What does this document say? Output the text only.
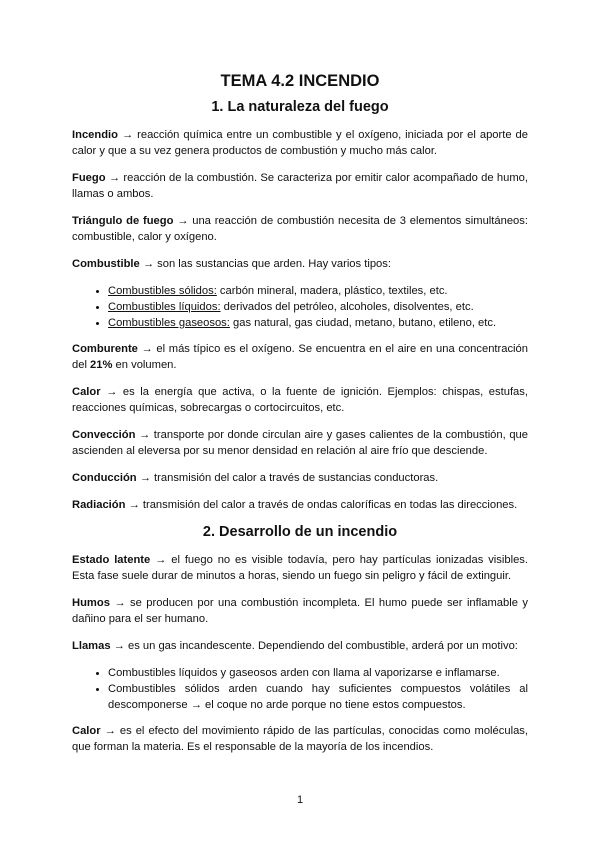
TEMA 4.2 INCENDIO
1. La naturaleza del fuego

Incendio → reacción química entre un combustible y el oxígeno, iniciada por el aporte de calor y que a su vez genera productos de combustión y mucho más calor.

Fuego → reacción de la combustión. Se caracteriza por emitir calor acompañado de humo, llamas o ambos.

Triángulo de fuego → una reacción de combustión necesita de 3 elementos simultáneos: combustible, calor y oxígeno.

Combustible → son las sustancias que arden. Hay varios tipos:

• Combustibles sólidos: carbón mineral, madera, plástico, textiles, etc.
• Combustibles líquidos: derivados del petróleo, alcoholes, disolventes, etc.
• Combustibles gaseosos: gas natural, gas ciudad, metano, butano, etileno, etc.

Comburente → el más típico es el oxígeno. Se encuentra en el aire en una concentración del 21% en volumen.

Calor → es la energía que activa, o la fuente de ignición. Ejemplos: chispas, estufas, reacciones químicas, sobrecargas o cortocircuitos, etc.

Convección → transporte por donde circulan aire y gases calientes de la combustión, que ascienden al eleversa por su menor densidad en relación al aire frío que desciende.

Conducción → transmisión del calor a través de sustancias conductoras.

Radiación → transmisión del calor a través de ondas caloríficas en todas las direcciones.

2. Desarrollo de un incendio

Estado latente → el fuego no es visible todavía, pero hay partículas ionizadas visibles. Esta fase suele durar de minutos a horas, siendo un fuego sin peligro y fácil de extinguir.

Humos → se producen por una combustión incompleta. El humo puede ser inflamable y dañino para el ser humano.

Llamas → es un gas incandescente. Dependiendo del combustible, arderá por un motivo:

• Combustibles líquidos y gaseosos arden con llama al vaporizarse e inflamarse.
• Combustibles sólidos arden cuando hay suficientes compuestos volátiles al descomponerse → el coque no arde porque no tiene estos compuestos.

Calor → es el efecto del movimiento rápido de las partículas, conocidas como moléculas, que forman la materia. Es el responsable de la mayoría de los incendios.

1
